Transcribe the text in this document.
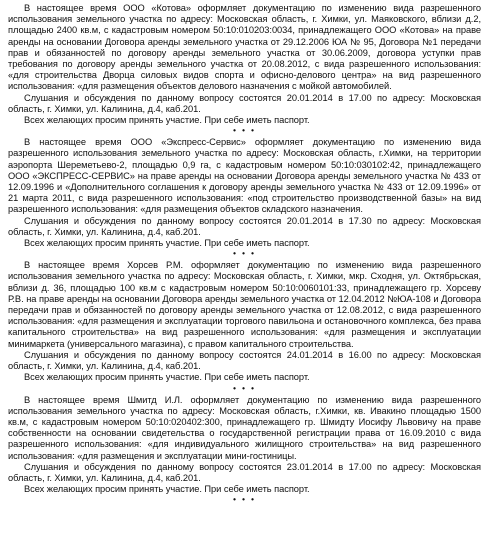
В настоящее время ООО «Котова» оформляет документацию по изменению вида разрешенного использования земельного участка по адресу: Московская область, г. Химки, ул. Маяковского, вблизи д.2, площадью 2400 кв.м, с кадастровым номером 50:10:010203:0034, принадлежащего ООО «Котова» на праве аренды на основании Договора аренды земельного участка от 29.12.2006 ЮА № 95, Договора №1 передачи прав и обязанностей по договору аренды земельного участка от 30.06.2009, договора уступки прав требования по договору аренды земельного участка от 20.08.2012, с вида разрешенного использования: «для строительства Дворца силовых видов спорта и офисно-делового центра» на вид разрешенного использования: «для размещения объектов делового назначения с мойкой автомобилей.

Слушания и обсуждения по данному вопросу состоятся 20.01.2014 в 17.00 по адресу: Московская область, г. Химки, ул. Калинина, д.4, каб.201.

Всех желающих просим принять участие. При себе иметь паспорт.

• • •

В настоящее время ООО «Экспресс-Сервис» оформляет документацию по изменению вида разрешенного использования земельного участка по адресу: Московская область, г.Химки, на территории аэропорта Шереметьево-2, площадью 0,9 га, с кадастровым номером 50:10:030102:42, принадлежащего ООО «ЭКСПРЕСС-СЕРВИС» на праве аренды на основании Договора аренды земельного участка № 433 от 12.09.1996 и «Дополнительного соглашения к договору аренды земельного участка № 433 от 12.09.1996» от 21 марта 2011, с вида разрешенного использования: «под строительство производственной базы» на вид разрешенного использования: «для размещения объектов складского назначения.

Слушания и обсуждения по данному вопросу состоятся 20.01.2014 в 17.30 по адресу: Московская область, г. Химки, ул. Калинина, д.4, каб.201.

Всех желающих просим принять участие. При себе иметь паспорт.

• • •

В настоящее время Хорсев Р.М. оформляет документацию по изменению вида разрешенного использования земельного участка по адресу: Московская область, г. Химки, мкр. Сходня, ул. Октябрьская, вблизи д. 36, площадью 100 кв.м с кадастровым номером 50:10:0060101:33, принадлежащего гр. Хорсеву Р.В. на праве аренды на основании Договора аренды земельного участка от 12.04.2012 №ЮА-108 и Договора передачи прав и обязанностей по договору аренды земельного участка от 12.08.2012, с вида разрешенного использования: «для размещения и эксплуатации торгового павильона и остановочного комплекса, без права капитального строительства» на вид разрешенного использования: «для размещения и эксплуатации минимаркета (универсального магазина), с правом капитального строительства.

Слушания и обсуждения по данному вопросу состоятся 24.01.2014 в 16.00 по адресу: Московская область, г. Химки, ул. Калинина, д.4, каб.201.

Всех желающих просим принять участие. При себе иметь паспорт.

• • •

В настоящее время Шмитд И.Л. оформляет документацию по изменению вида разрешенного использования земельного участка по адресу: Московская область, г.Химки, кв. Ивакино площадью 1500 кв.м, с кадастровым номером 50:10:020402:300, принадлежащего гр. Шмидту Иосифу Львовичу на праве собственности на основании свидетельства о государственной регистрации права от 16.09.2010 с вида разрешенного использования: «для индивидуального жилищного строительства» на вид разрешенного использования: «для размещения и эксплуатации мини-гостиницы.

Слушания и обсуждения по данному вопросу состоятся 23.01.2014 в 17.00 по адресу: Московская область, г. Химки, ул. Калинина, д.4, каб.201.

Всех желающих просим принять участие. При себе иметь паспорт.

• • •
